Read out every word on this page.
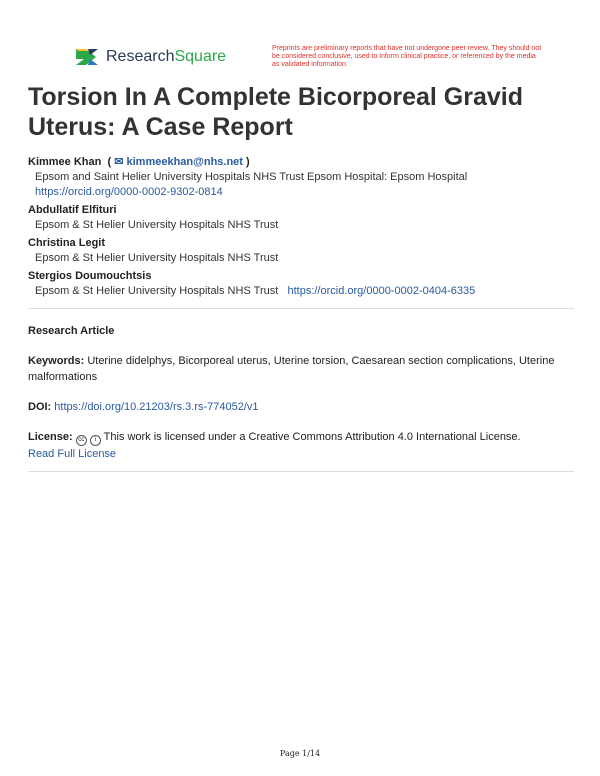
ResearchSquare	Preprints are preliminary reports that have not undergone peer review. They should not be considered conclusive, used to inform clinical practice, or referenced by the media as validated information.
Torsion In A Complete Bicorporeal Gravid Uterus: A Case Report
Kimmee Khan  ( ✉ kimmeekhan@nhs.net )
Epsom and Saint Helier University Hospitals NHS Trust Epsom Hospital: Epsom Hospital
https://orcid.org/0000-0002-9302-0814
Abdullatif Elfituri
Epsom & St Helier University Hospitals NHS Trust
Christina Legit
Epsom & St Helier University Hospitals NHS Trust
Stergios Doumouchtsis
Epsom & St Helier University Hospitals NHS Trust https://orcid.org/0000-0002-0404-6335
Research Article
Keywords: Uterine didelphys, Bicorporeal uterus, Uterine torsion, Caesarean section complications, Uterine malformations
DOI: https://doi.org/10.21203/rs.3.rs-774052/v1
License: cc i This work is licensed under a Creative Commons Attribution 4.0 International License.
Read Full License
Page 1/14
